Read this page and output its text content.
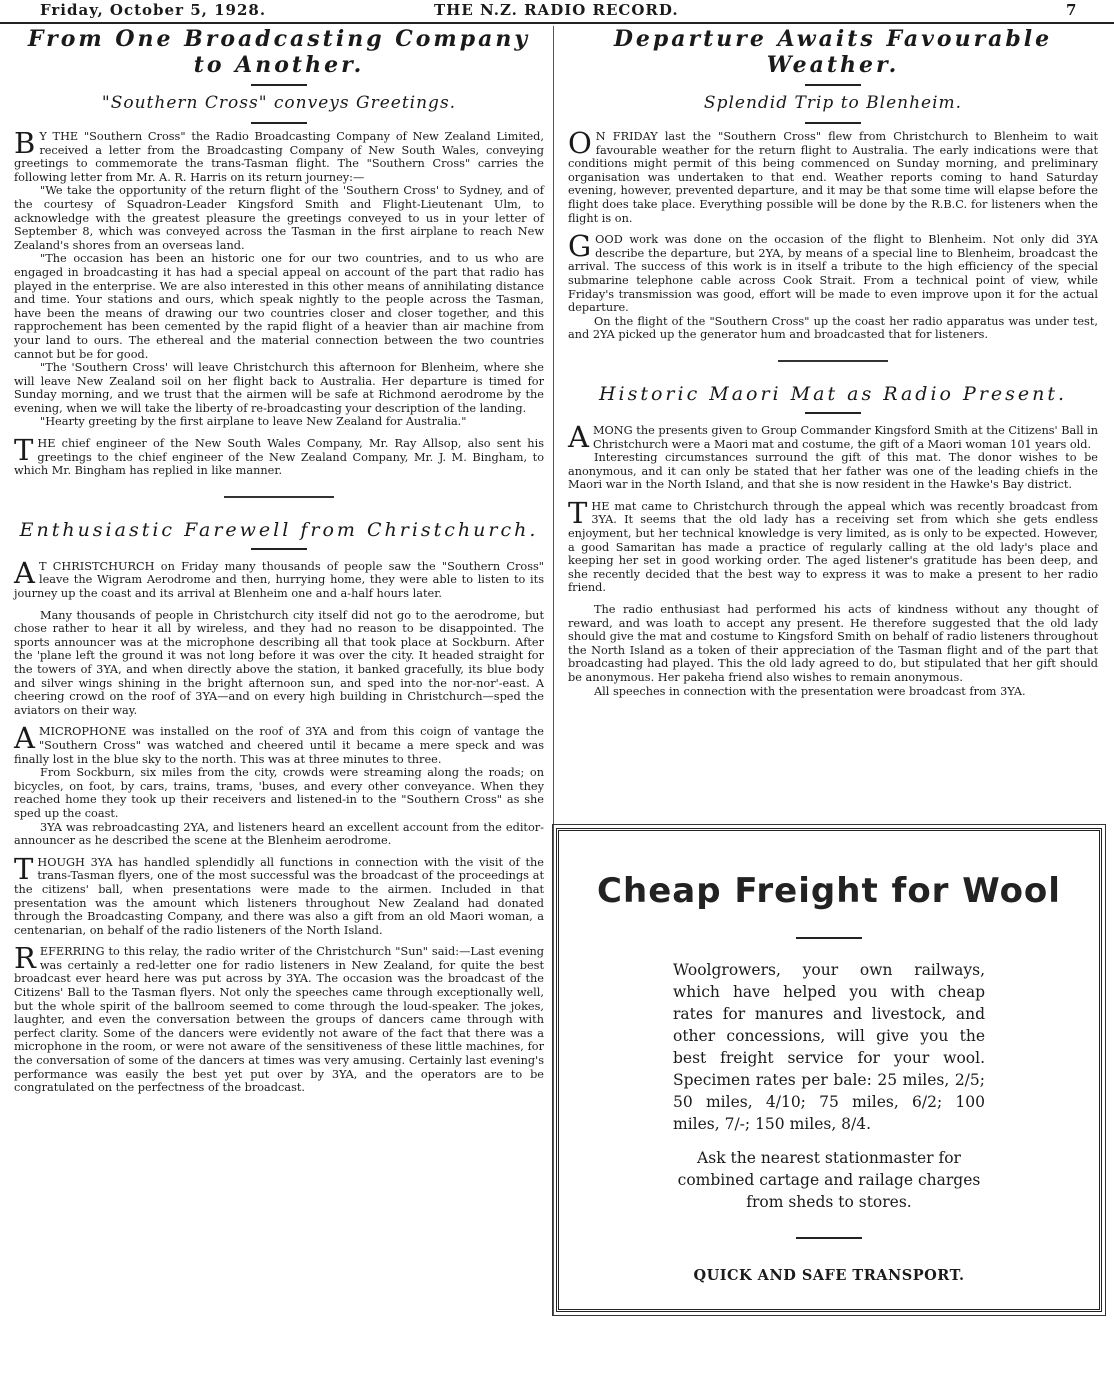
Friday, October 5, 1928.	THE N.Z. RADIO RECORD.	7
From One Broadcasting Company to Another.
"Southern Cross" conveys Greetings.

B Y THE "Southern Cross" the Radio Broadcasting Company of New Zealand Limited, received a letter from the Broadcasting Company of New South Wales, conveying greetings to commemorate the trans-Tasman flight. The "Southern Cross" carries the following letter from Mr. A. R. Harris on its return journey:—

"We take the opportunity of the return flight of the 'Southern Cross' to Sydney, and of the courtesy of Squadron-Leader Kingsford Smith and Flight-Lieutenant Ulm, to acknowledge with the greatest pleasure the greetings conveyed to us in your letter of September 8, which was conveyed across the Tasman in the first airplane to reach New Zealand's shores from an overseas land.

"The occasion has been an historic one for our two countries, and to us who are engaged in broadcasting it has had a special appeal on account of the part that radio has played in the enterprise. We are also interested in this other means of annihilating distance and time. Your stations and ours, which speak nightly to the people across the Tasman, have been the means of drawing our two countries closer and closer together, and this rapprochement has been cemented by the rapid flight of a heavier than air machine from your land to ours. The ethereal and the material connection between the two countries cannot but be for good.

"The 'Southern Cross' will leave Christchurch this afternoon for Blenheim, where she will leave New Zealand soil on her flight back to Australia. Her departure is timed for Sunday morning, and we trust that the airmen will be safe at Richmond aerodrome by the evening, when we will take the liberty of re-broadcasting your description of the landing.

"Hearty greeting by the first airplane to leave New Zealand for Australia."

THE chief engineer of the New South Wales Company, Mr. Ray Allsop, also sent his greetings to the chief engineer of the New Zealand Company, Mr. J. M. Bingham, to which Mr. Bingham has replied in like manner.

Enthusiastic Farewell from Christchurch.

A T CHRISTCHURCH on Friday many thousands of people saw the "Southern Cross" leave the Wigram Aerodrome and then, hurrying home, they were able to listen to its journey up the coast and its arrival at Blenheim one and a-half hours later.

Many thousands of people in Christchurch city itself did not go to the aerodrome, but chose rather to hear it all by wireless, and they had no reason to be disappointed. The sports announcer was at the microphone describing all that took place at Sockburn. After the 'plane left the ground it was not long before it was over the city. It headed straight for the towers of 3YA, and when directly above the station, it banked gracefully, its blue body and silver wings shining in the bright afternoon sun, and sped into the nor-nor'-east. A cheering crowd on the roof of 3YA—and on every high building in Christchurch—sped the aviators on their way.

AMICROPHONE was installed on the roof of 3YA and from this coign of vantage the "Southern Cross" was watched and cheered until it became a mere speck and was finally lost in the blue sky to the north. This was at three minutes to three.

From Sockburn, six miles from the city, crowds were streaming along the roads; on bicycles, on foot, by cars, trains, trams, 'buses, and every other conveyance. When they reached home they took up their receivers and listened-in to the "Southern Cross" as she sped up the coast.

3YA was rebroadcasting 2YA, and listeners heard an excellent account from the editor-announcer as he described the scene at the Blenheim aerodrome.

THOUGH 3YA has handled splendidly all functions in connection with the visit of the trans-Tasman flyers, one of the most successful was the broadcast of the proceedings at the citizens' ball, when presentations were made to the airmen. Included in that presentation was the amount which listeners throughout New Zealand had donated through the Broadcasting Company, and there was also a gift from an old Maori woman, a centenarian, on behalf of the radio listeners of the North Island.

REFERRING to this relay, the radio writer of the Christchurch "Sun" said:—Last evening was certainly a red-letter one for radio listeners in New Zealand, for quite the best broadcast ever heard here was put across by 3YA. The occasion was the broadcast of the Citizens' Ball to the Tasman flyers. Not only the speeches came through exceptionally well, but the whole spirit of the ballroom seemed to come through the loud-speaker. The jokes, laughter, and even the conversation between the groups of dancers came through with perfect clarity. Some of the dancers were evidently not aware of the fact that there was a microphone in the room, or were not aware of the sensitiveness of these little machines, for the conversation of some of the dancers at times was very amusing. Certainly last evening's performance was easily the best yet put over by 3YA, and the operators are to be congratulated on the perfectness of the broadcast.

Departure Awaits Favourable Weather.
Splendid Trip to Blenheim.

O N FRIDAY last the "Southern Cross" flew from Christchurch to Blenheim to wait favourable weather for the return flight to Australia. The early indications were that conditions might permit of this being commenced on Sunday morning, and preliminary organisation was undertaken to that end. Weather reports coming to hand Saturday evening, however, prevented departure, and it may be that some time will elapse before the flight does take place. Everything possible will be done by the R.B.C. for listeners when the flight is on.

GOOD work was done on the occasion of the flight to Blenheim. Not only did 3YA describe the departure, but 2YA, by means of a special line to Blenheim, broadcast the arrival. The success of this work is in itself a tribute to the high efficiency of the special submarine telephone cable across Cook Strait. From a technical point of view, while Friday's transmission was good, effort will be made to even improve upon it for the actual departure.

On the flight of the "Southern Cross" up the coast her radio apparatus was under test, and 2YA picked up the generator hum and broadcasted that for listeners.

Historic Maori Mat as Radio Present.

AMONG the presents given to Group Commander Kingsford Smith at the Citizens' Ball in Christchurch were a Maori mat and costume, the gift of a Maori woman 101 years old.

Interesting circumstances surround the gift of this mat. The donor wishes to be anonymous, and it can only be stated that her father was one of the leading chiefs in the Maori war in the North Island, and that she is now resident in the Hawke's Bay district.

THE mat came to Christchurch through the appeal which was recently broadcast from 3YA. It seems that the old lady has a receiving set from which she gets endless enjoyment, but her technical knowledge is very limited, as is only to be expected. However, a good Samaritan has made a practice of regularly calling at the old lady's place and keeping her set in good working order. The aged listener's gratitude has been deep, and she recently decided that the best way to express it was to make a present to her radio friend.

The radio enthusiast had performed his acts of kindness without any thought of reward, and was loath to accept any present. He therefore suggested that the old lady should give the mat and costume to Kingsford Smith on behalf of radio listeners throughout the North Island as a token of their appreciation of the Tasman flight and of the part that broadcasting had played. This the old lady agreed to do, but stipulated that her gift should be anonymous. Her pakeha friend also wishes to remain anonymous.

All speeches in connection with the presentation were broadcast from 3YA.

Cheap Freight for Wool

Woolgrowers, your own railways, which have helped you with cheap rates for manures and livestock, and other concessions, will give you the best freight service for your wool. Specimen rates per bale: 25 miles, 2/5; 50 miles, 4/10; 75 miles, 6/2; 100 miles, 7/-; 150 miles, 8/4.

Ask the nearest stationmaster for combined cartage and railage charges from sheds to stores.

QUICK AND SAFE TRANSPORT.
